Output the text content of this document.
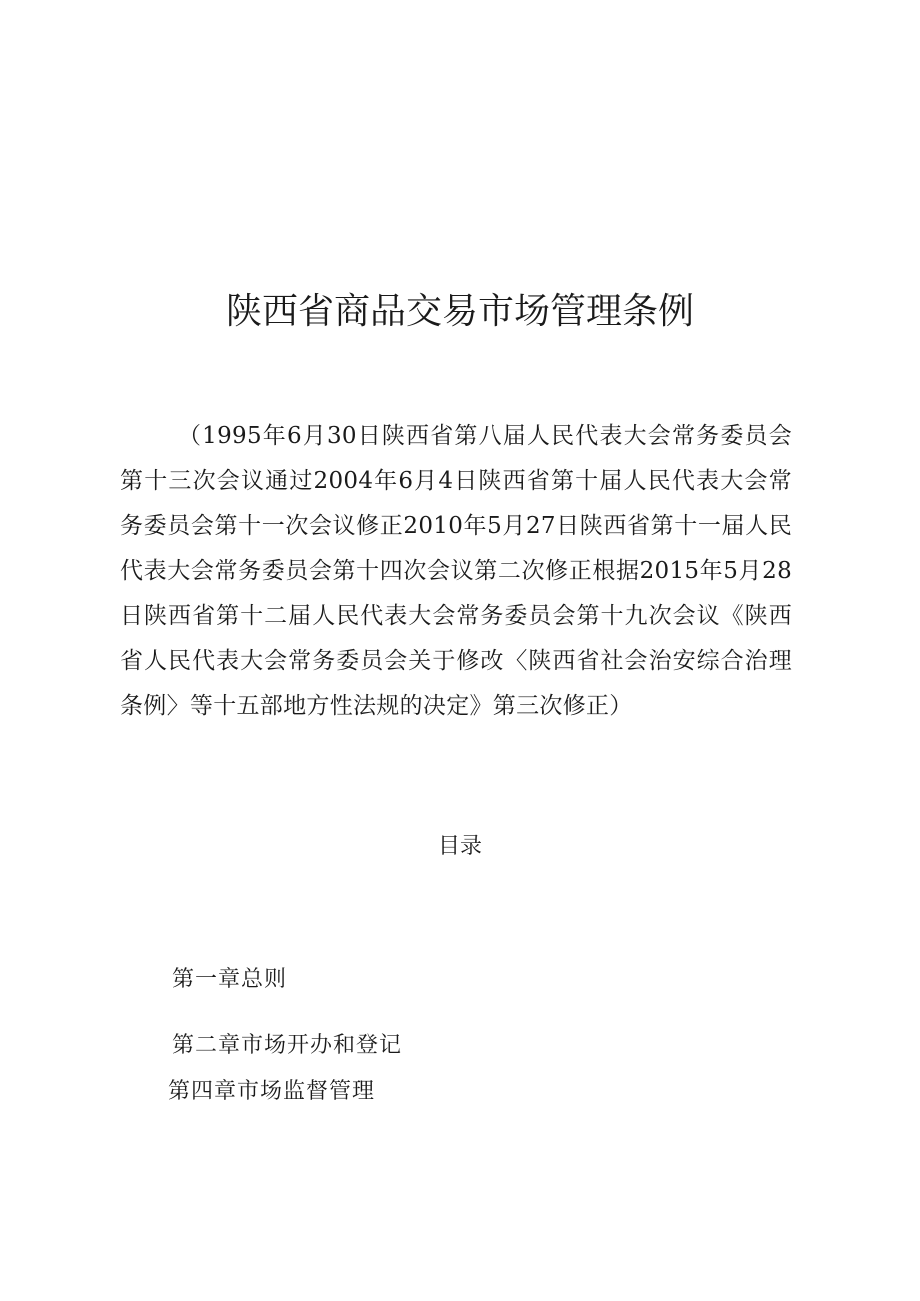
陕西省商品交易市场管理条例

（1995年6月30日陕西省第八届人民代表大会常务委员会第十三次会议通过2004年6月4日陕西省第十届人民代表大会常务委员会第十一次会议修正2010年5月27日陕西省第十一届人民代表大会常务委员会第十四次会议第二次修正根据2015年5月28日陕西省第十二届人民代表大会常务委员会第十九次会议《陕西省人民代表大会常务委员会关于修改〈陕西省社会治安综合治理条例〉等十五部地方性法规的决定》第三次修正）

目录
第一章总则
第二章市场开办和登记
第四章市场监督管理
